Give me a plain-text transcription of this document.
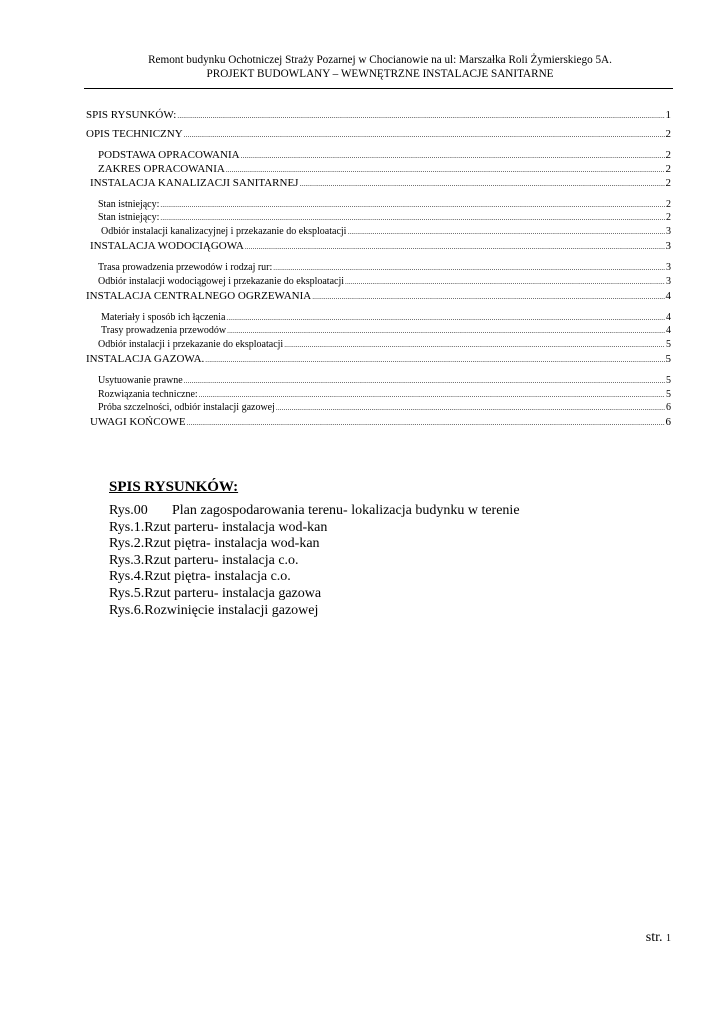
Remont budynku Ochotniczej Straży Pozarnej w Chocianowie na ul: Marszałka Roli Żymierskiego 5A.
PROJEKT BUDOWLANY – WEWNĘTRZNE INSTALACJE SANITARNE
SPIS RYSUNKÓW: .....	1
OPIS TECHNICZNY .....	2
PODSTAWA OPRACOWANIA .....	2
ZAKRES OPRACOWANIA .....	2
INSTALACJA KANALIZACJI SANITARNEJ .....	2
Stan istniejący: .....	2
Stan istniejący: .....	2
Odbiór instalacji kanalizacyjnej i przekazanie do eksploatacji .....	3
INSTALACJA WODOCIĄGOWA .....	3
Trasa prowadzenia przewodów i rodzaj rur: .....	3
Odbiór instalacji wodociągowej i przekazanie do eksploatacji .....	3
INSTALACJA CENTRALNEGO OGRZEWANIA .....	4
Materiały i sposób ich łączenia .....	4
Trasy prowadzenia przewodów .....	4
Odbiór instalacji i przekazanie do eksploatacji .....	5
INSTALACJA GAZOWA. .....	5
Usytuowanie prawne .....	5
Rozwiązania techniczne: .....	5
Próba szczelności, odbiór instalacji gazowej .....	6
UWAGI KOŃCOWE .....	6
SPIS RYSUNKÓW:
Rys.00 Plan zagospodarowania terenu- lokalizacja budynku w terenie
Rys.1.Rzut parteru- instalacja wod-kan
Rys.2.Rzut piętra- instalacja wod-kan
Rys.3.Rzut parteru- instalacja c.o.
Rys.4.Rzut piętra- instalacja c.o.
Rys.5.Rzut parteru- instalacja gazowa
Rys.6.Rozwinięcie instalacji gazowej
str. 1
